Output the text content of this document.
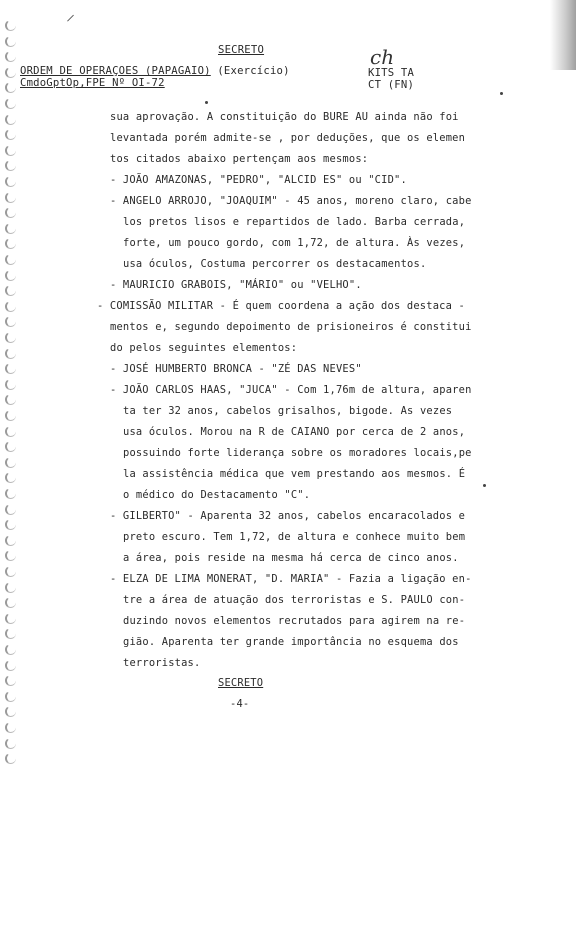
⸝
SECRETO
ORDEM DE OPERAÇOES (PAPAGAIO) (Exercício)
CmdoGptOp,FPE Nº OI-72
ch
KITS TA
CT (FN)
sua aprovação. A constituição do BURE AU ainda não foi
levantada porém admite-se , por deduções, que os elemen
tos citados abaixo pertençam aos mesmos:
- JOÃO AMAZONAS, "PEDRO", "ALCID ES" ou "CID".
- ANGELO ARROJO, "JOAQUIM" - 45 anos, moreno claro, cabe
los pretos lisos e repartidos de lado. Barba cerrada,
forte, um pouco gordo, com 1,72, de altura. Às vezes,
usa óculos, Costuma percorrer os destacamentos.
- MAURICIO GRABOIS, "MÁRIO" ou "VELHO".
- COMISSÃO MILITAR - É quem coordena a ação dos destaca -
mentos e, segundo depoimento de prisioneiros é constitui
do pelos seguintes elementos:
- JOSÉ HUMBERTO BRONCA - "ZÉ DAS NEVES"
- JOÃO CARLOS HAAS, "JUCA" - Com 1,76m de altura, aparen
ta ter 32 anos, cabelos grisalhos, bigode. As vezes
usa óculos. Morou na R de CAIANO por cerca de 2 anos,
possuindo forte liderança sobre os moradores locais,pe
la assistência médica que vem prestando aos mesmos. É
o médico do Destacamento "C".
- GILBERTO" - Aparenta 32 anos, cabelos encaracolados e
preto escuro. Tem 1,72, de altura e conhece muito bem
a área, pois reside na mesma há cerca de cinco anos.
- ELZA DE LIMA MONERAT, "D. MARIA" - Fazia a ligação en-
tre a área de atuação dos terroristas e S. PAULO con-
duzindo novos elementos recrutados para agirem na re-
gião. Aparenta ter grande importância no esquema dos
terroristas.
SECRETO
-4-
